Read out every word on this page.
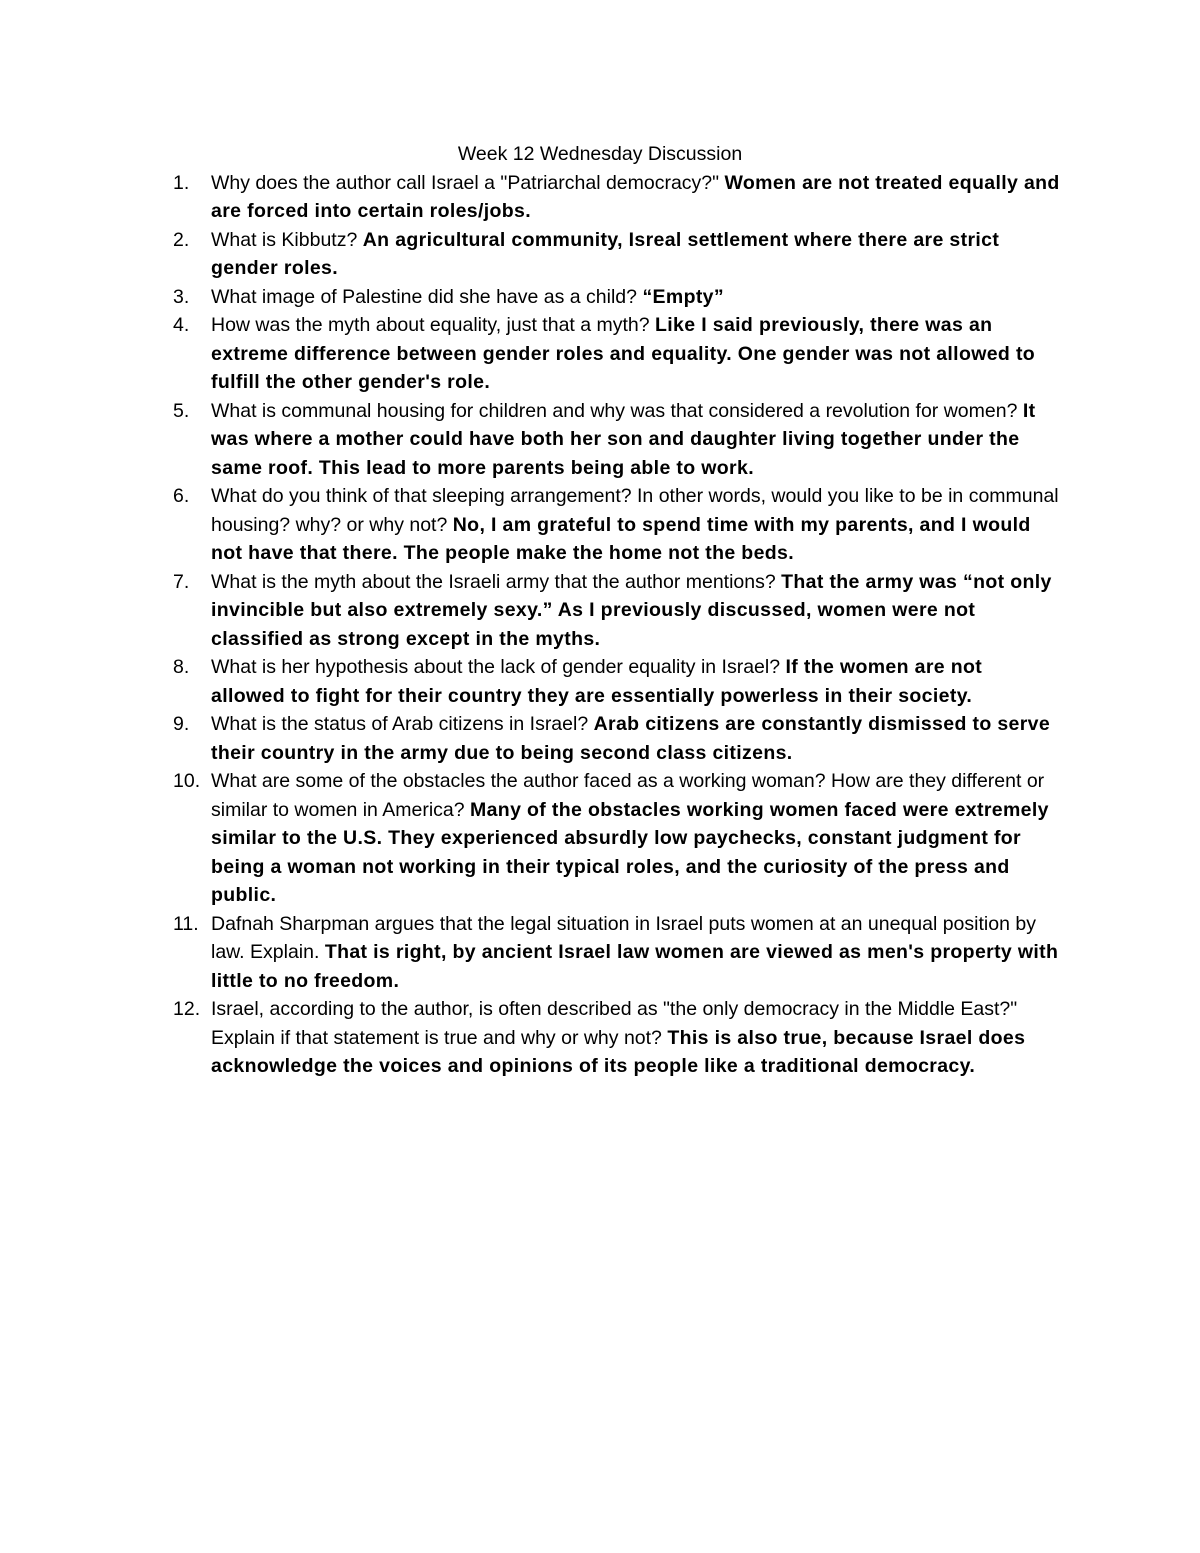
Week 12 Wednesday Discussion
1. Why does the author call Israel a "Patriarchal democracy?" Women are not treated equally and are forced into certain roles/jobs.
2. What is Kibbutz? An agricultural community, Isreal settlement where there are strict gender roles.
3. What image of Palestine did she have as a child? “Empty”
4. How was the myth about equality, just that a myth? Like I said previously, there was an extreme difference between gender roles and equality. One gender was not allowed to fulfill the other gender's role.
5. What is communal housing for children and why was that considered a revolution for women? It was where a mother could have both her son and daughter living together under the same roof. This lead to more parents being able to work.
6. What do you think of that sleeping arrangement? In other words, would you like to be in communal housing? why? or why not? No, I am grateful to spend time with my parents, and I would not have that there. The people make the home not the beds.
7. What is the myth about the Israeli army that the author mentions? That the army was “not only invincible but also extremely sexy.” As I previously discussed, women were not classified as strong except in the myths.
8. What is her hypothesis about the lack of gender equality in Israel? If the women are not allowed to fight for their country they are essentially powerless in their society.
9. What is the status of Arab citizens in Israel? Arab citizens are constantly dismissed to serve their country in the army due to being second class citizens.
10. What are some of the obstacles the author faced as a working woman? How are they different or similar to women in America? Many of the obstacles working women faced were extremely similar to the U.S. They experienced absurdly low paychecks, constant judgment for being a woman not working in their typical roles, and the curiosity of the press and public.
11. Dafnah Sharpman argues that the legal situation in Israel puts women at an unequal position by law. Explain. That is right, by ancient Israel law women are viewed as men's property with little to no freedom.
12. Israel, according to the author, is often described as "the only democracy in the Middle East?" Explain if that statement is true and why or why not? This is also true, because Israel does acknowledge the voices and opinions of its people like a traditional democracy.
